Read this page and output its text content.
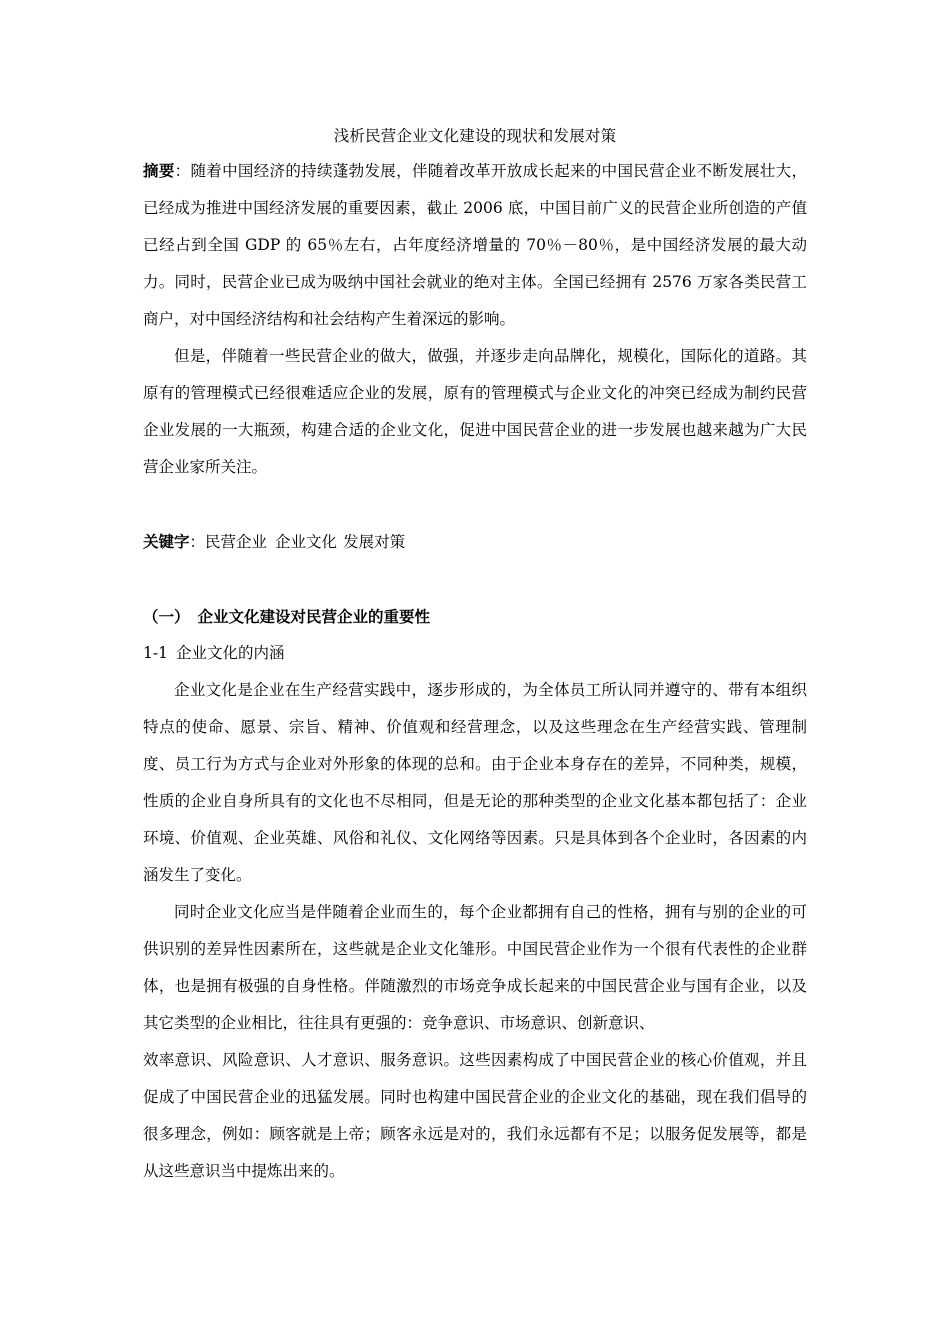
浅析民营企业文化建设的现状和发展对策

摘要：随着中国经济的持续蓬勃发展，伴随着改革开放成长起来的中国民营企业不断发展壮大，已经成为推进中国经济发展的重要因素，截止 2006 底，中国目前广义的民营企业所创造的产值已经占到全国 GDP 的 65％左右，占年度经济增量的 70％－80％，是中国经济发展的最大动力。同时，民营企业已成为吸纳中国社会就业的绝对主体。全国已经拥有 2576 万家各类民营工商户，对中国经济结构和社会结构产生着深远的影响。

但是，伴随着一些民营企业的做大，做强，并逐步走向品牌化，规模化，国际化的道路。其原有的管理模式已经很难适应企业的发展，原有的管理模式与企业文化的冲突已经成为制约民营企业发展的一大瓶颈，构建合适的企业文化，促进中国民营企业的进一步发展也越来越为广大民营企业家所关注。

关键字：民营企业 企业文化 发展对策

（一） 企业文化建设对民营企业的重要性

1-1 企业文化的内涵

企业文化是企业在生产经营实践中，逐步形成的，为全体员工所认同并遵守的、带有本组织特点的使命、愿景、宗旨、精神、价值观和经营理念，以及这些理念在生产经营实践、管理制度、员工行为方式与企业对外形象的体现的总和。由于企业本身存在的差异，不同种类，规模，性质的企业自身所具有的文化也不尽相同，但是无论的那种类型的企业文化基本都包括了：企业环境、价值观、企业英雄、风俗和礼仪、文化网络等因素。只是具体到各个企业时，各因素的内涵发生了变化。

同时企业文化应当是伴随着企业而生的，每个企业都拥有自己的性格，拥有与别的企业的可供识别的差异性因素所在，这些就是企业文化雏形。中国民营企业作为一个很有代表性的企业群体，也是拥有极强的自身性格。伴随激烈的市场竞争成长起来的中国民营企业与国有企业，以及其它类型的企业相比，往往具有更强的：竞争意识、市场意识、创新意识、

效率意识、风险意识、人才意识、服务意识。这些因素构成了中国民营企业的核心价值观，并且促成了中国民营企业的迅猛发展。同时也构建中国民营企业的企业文化的基础，现在我们倡导的很多理念，例如：顾客就是上帝；顾客永远是对的，我们永远都有不足；以服务促发展等，都是从这些意识当中提炼出来的。
